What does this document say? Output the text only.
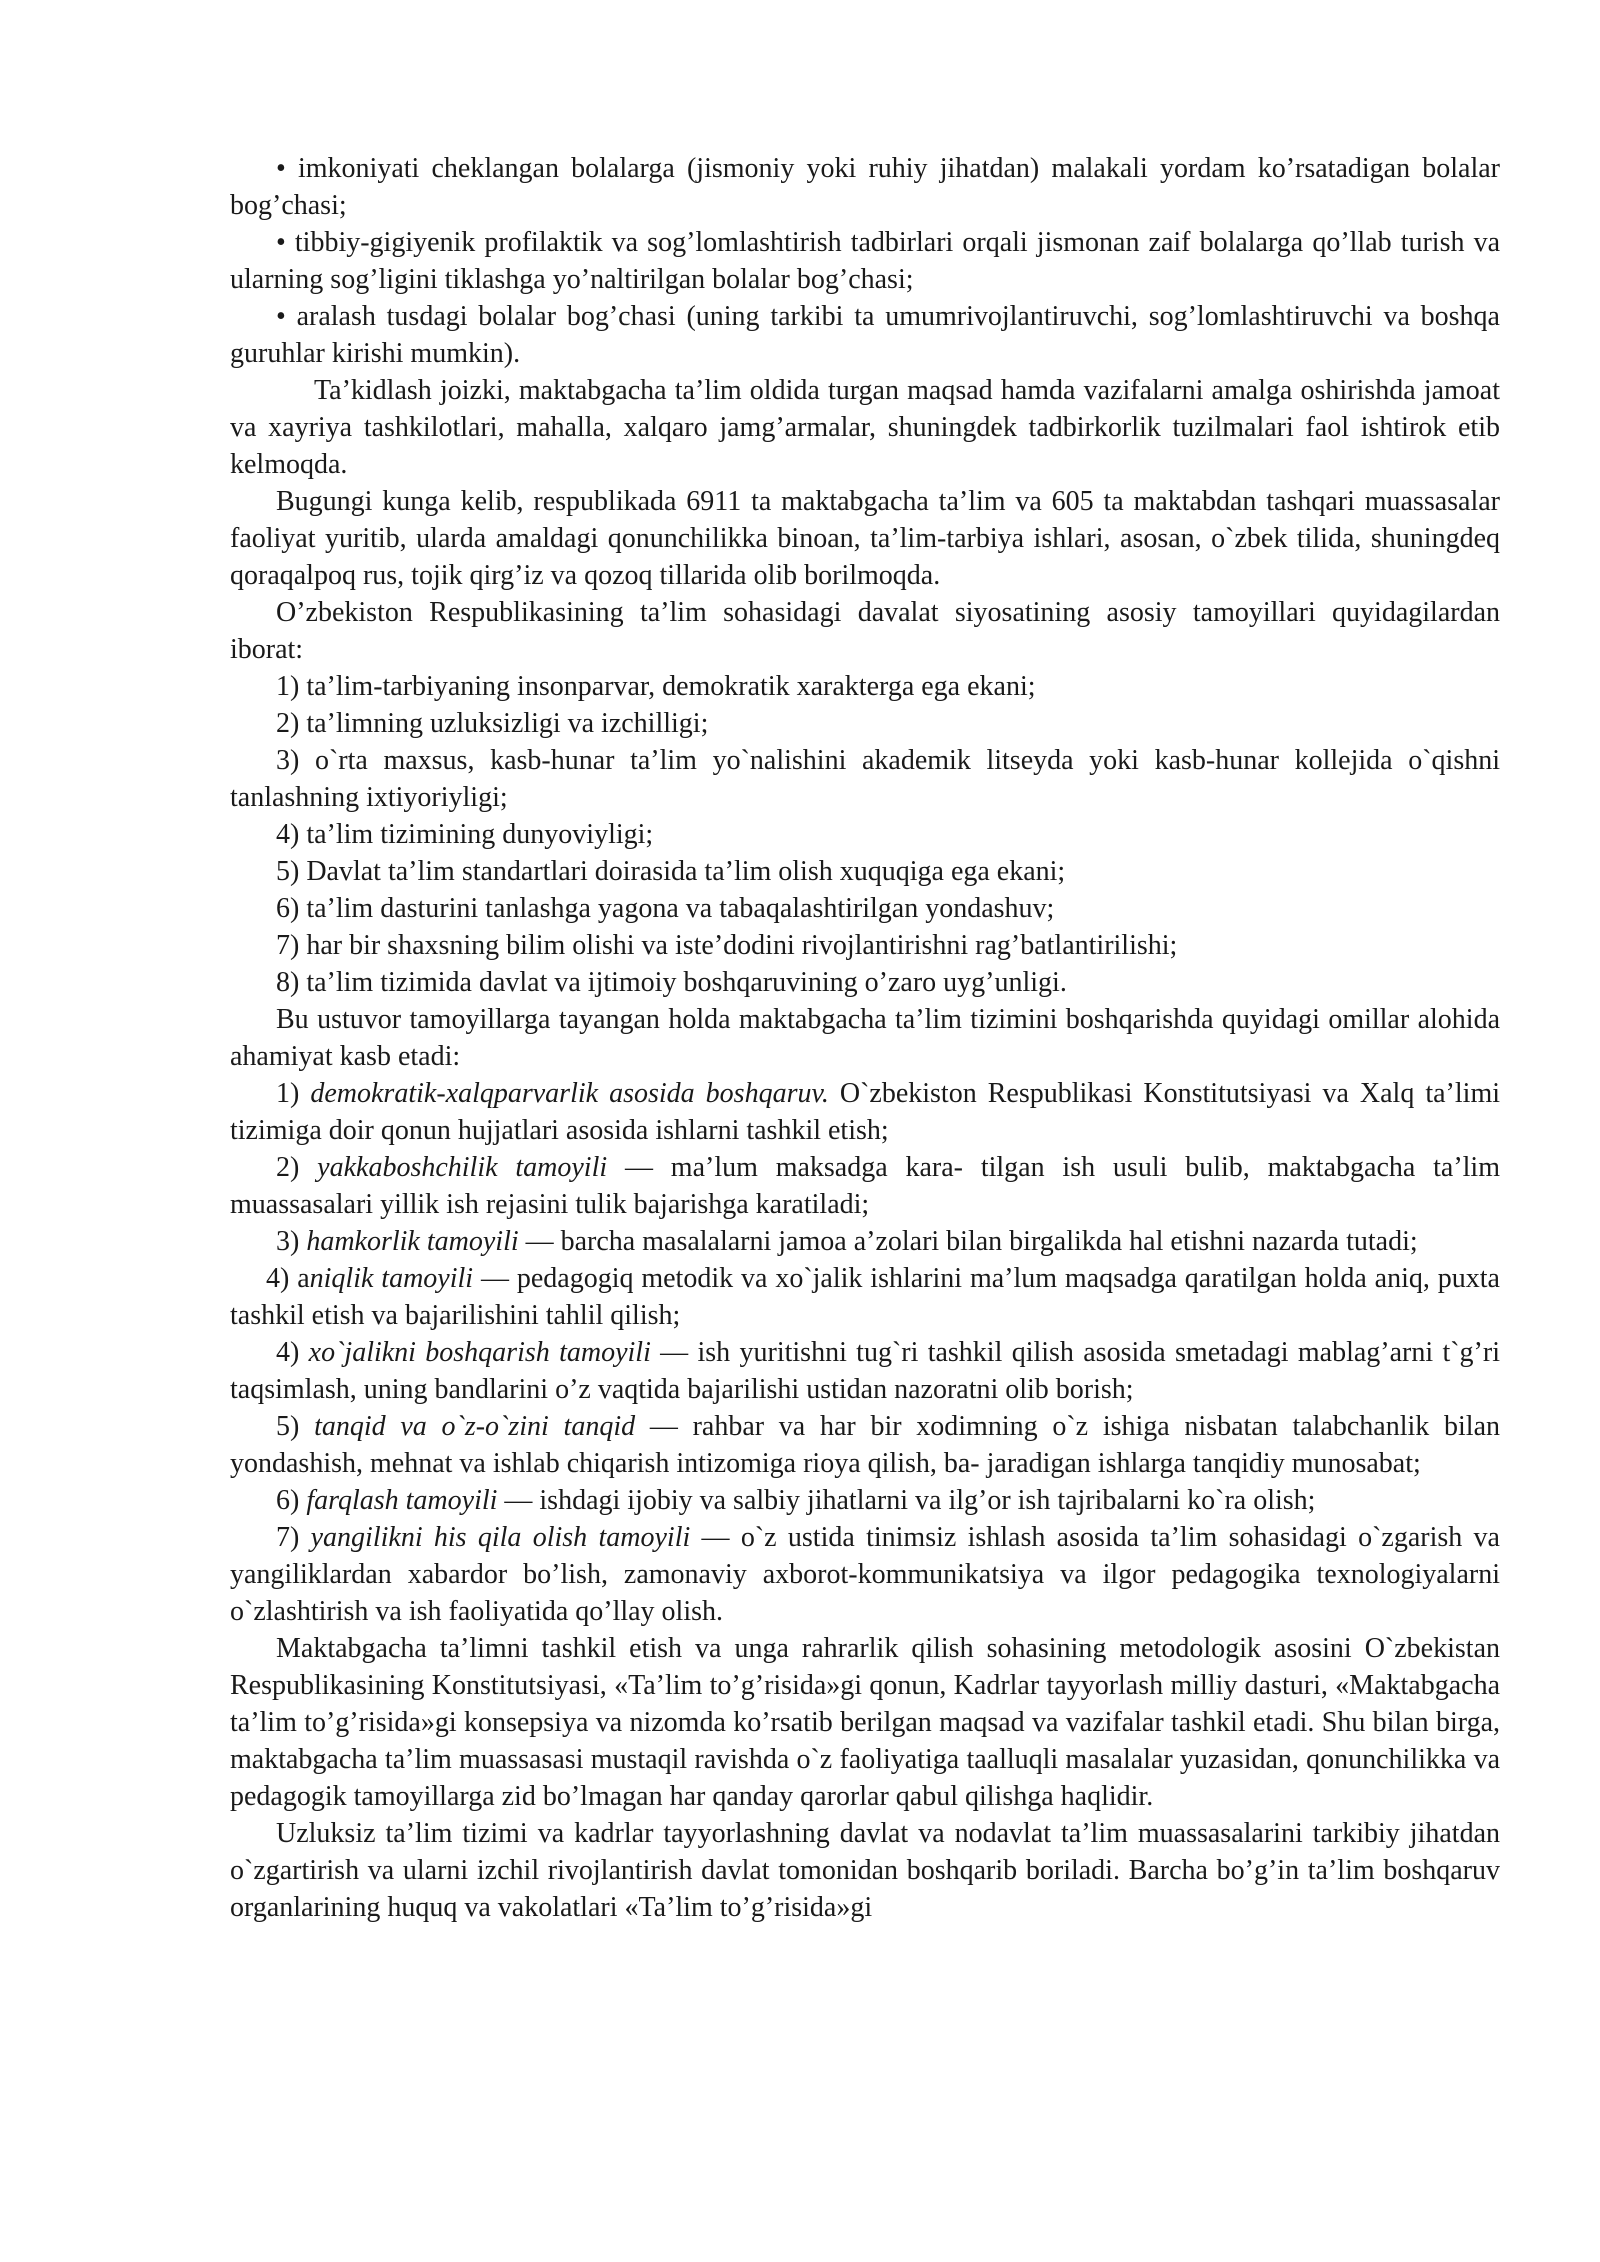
• imkoniyati cheklangan bolalarga (jismoniy yoki ruhiy jihatdan) malakali yordam ko’rsatadigan bolalar bog’chasi;

• tibbiy-gigiyenik profilaktik va sog’lomlashtirish tadbirlari orqali jismonan zaif bolalarga qo’llab turish va ularning sog’ligini tiklashga yo’naltirilgan bolalar bog’chasi;

• aralash tusdagi bolalar bog’chasi (uning tarkibi ta umumrivojlantiruvchi, sog’lomlashtiruvchi va boshqa guruhlar kirishi mumkin).

Ta’kidlash joizki, maktabgacha ta’lim oldida turgan maqsad hamda vazifalarni amalga oshirishda jamoat va xayriya tashkilotlari, mahalla, xalqaro jamg’armalar, shuningdek tadbirkorlik tuzilmalari faol ishtirok etib kelmoqda.

Bugungi kunga kelib, respublikada 6911 ta maktabgacha ta’lim va 605 ta maktabdan tashqari muassasalar faoliyat yuritib, ularda amaldagi qonunchilikka binoan, ta’lim-tarbiya ishlari, asosan, o`zbek tilida, shuningdeq qoraqalpoq rus, tojik qirg’iz va qozoq tillarida olib borilmoqda.

O’zbekiston Respublikasining ta’lim sohasidagi davalat siyosatining asosiy tamoyillari quyidagilardan iborat:

1) ta’lim-tarbiyaning insonparvar, demokratik xarakterga ega ekani;

2) ta’limning uzluksizligi va izchilligi;

3) o`rta maxsus, kasb-hunar ta’lim yo`nalishini akademik litseyda yoki kasb-hunar kollejida o`qishni tanlashning ixtiyoriyligi;

4) ta’lim tizimining dunyoviyligi;

5) Davlat ta’lim standartlari doirasida ta’lim olish xuquqiga ega ekani;

6) ta’lim dasturini tanlashga yagona va tabaqalashtirilgan yondashuv;

7) har bir shaxsning bilim olishi va iste’dodini rivojlantirishni rag’batlantirilishi;

8) ta’lim tizimida davlat va ijtimoiy boshqaruvining o’zaro uyg’unligi.

Bu ustuvor tamoyillarga tayangan holda maktabgacha ta’lim tizimini boshqarishda quyidagi omillar alohida ahamiyat kasb etadi:

1) demokratik-xalqparvarlik asosida boshqaruv. O`zbekiston Respublikasi Konstitutsiyasi va Xalq ta’limi tizimiga doir qonun hujjatlari asosida ishlarni tashkil etish;

2) yakkaboshchilik tamoyili — ma’lum maksadga kara- tilgan ish usuli bulib, maktabgacha ta’lim muassasalari yillik ish rejasini tulik bajarishga karatiladi;

3) hamkorlik tamoyili — barcha masalalarni jamoa a’zolari bilan birgalikda hal etishni nazarda tutadi;

4) aniqlik tamoyili — pedagogiq metodik va xo`jalik ishlarini ma’lum maqsadga qaratilgan holda aniq, puxta tashkil etish va bajarilishini tahlil qilish;

4) xo`jalikni boshqarish tamoyili — ish yuritishni tug`ri tashkil qilish asosida smetadagi mablag’arni t`g’ri taqsimlash, uning bandlarini o’z vaqtida bajarilishi ustidan nazoratni olib borish;

5) tanqid va o`z-o`zini tanqid — rahbar va har bir xodimning o`z ishiga nisbatan talabchanlik bilan yondashish, mehnat va ishlab chiqarish intizomiga rioya qilish, ba- jaradigan ishlarga tanqidiy munosabat;

6) farqlash tamoyili — ishdagi ijobiy va salbiy jihatlarni va ilg’or ish tajribalarni ko`ra olish;

7) yangilikni his qila olish tamoyili — o`z ustida tinimsiz ishlash asosida ta’lim sohasidagi o`zgarish va yangiliklardan xabardor bo’lish, zamonaviy axborot-kommunikatsiya va ilgor pedagogika texnologiyalarni o`zlashtirish va ish faoliyatida qo’llay olish.

Maktabgacha ta’limni tashkil etish va unga rahrarlik qilish sohasining metodologik asosini O`zbekistan Respublikasining Konstitutsiyasi, «Ta’lim to’g’risida»gi qonun, Kadrlar tayyorlash milliy dasturi, «Maktabgacha ta’lim to’g’risida»gi konsepsiya va nizomda ko’rsatib berilgan maqsad va vazifalar tashkil etadi. Shu bilan birga, maktabgacha ta’lim muassasasi mustaqil ravishda o`z faoliyatiga taalluqli masalalar yuzasidan, qonunchilikka va pedagogik tamoyillarga zid bo’lmagan har qanday qarorlar qabul qilishga haqlidir.

Uzluksiz ta’lim tizimi va kadrlar tayyorlashning davlat va nodavlat ta’lim muassasalarini tarkibiy jihatdan o`zgartirish va ularni izchil rivojlantirish davlat tomonidan boshqarib boriladi. Barcha bo’g’in ta’lim boshqaruv organlarining huquq va vakolatlari «Ta’lim to’g’risida»gi
